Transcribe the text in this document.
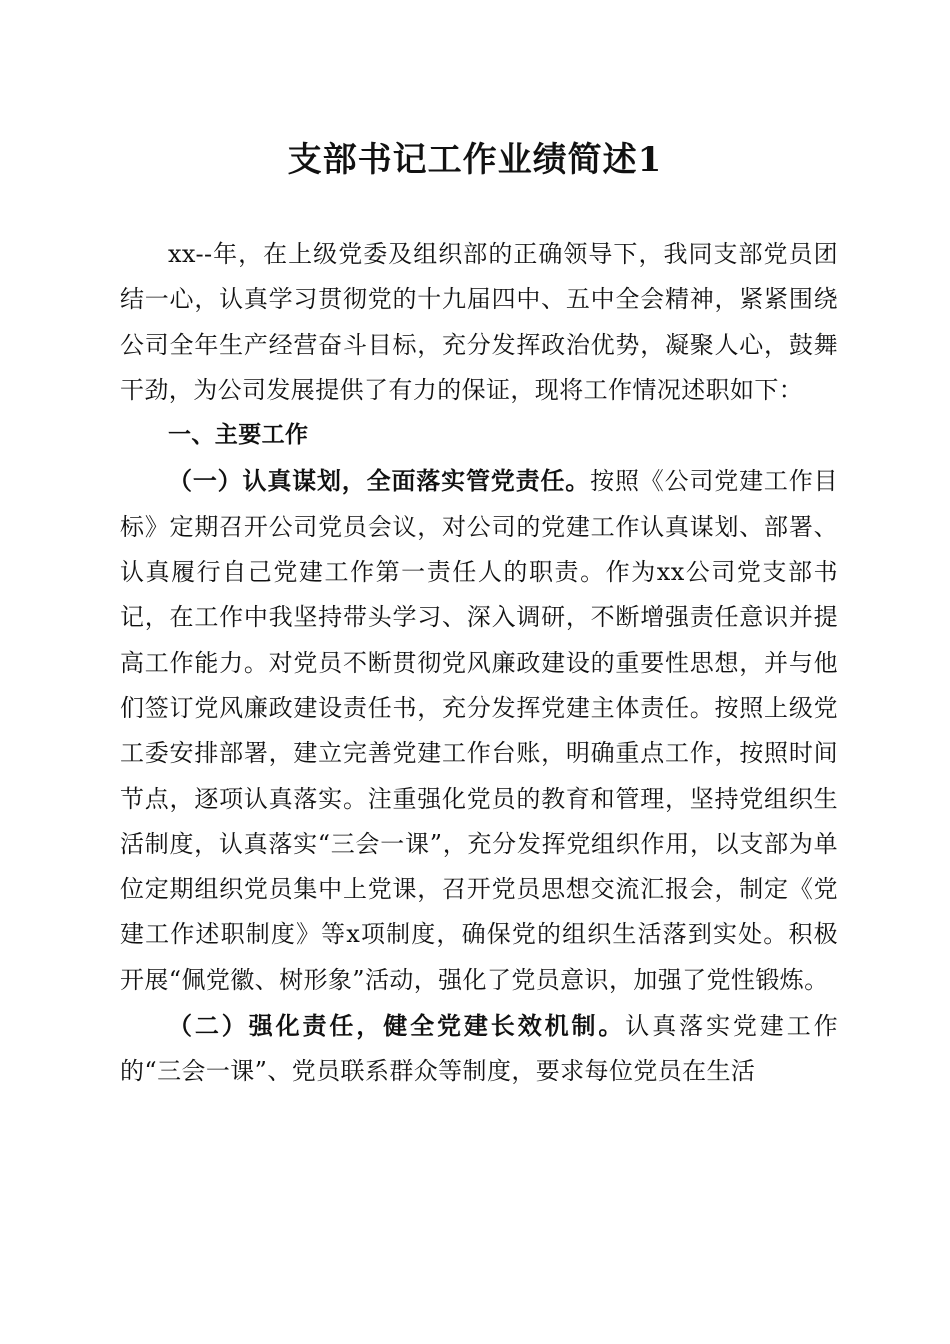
支部书记工作业绩简述1

xx--年，在上级党委及组织部的正确领导下，我同支部党员团结一心，认真学习贯彻党的十九届四中、五中全会精神，紧紧围绕公司全年生产经营奋斗目标，充分发挥政治优势，凝聚人心，鼓舞干劲，为公司发展提供了有力的保证，现将工作情况述职如下：

一、主要工作

（一）认真谋划，全面落实管党责任。按照《公司党建工作目标》定期召开公司党员会议，对公司的党建工作认真谋划、部署、认真履行自己党建工作第一责任人的职责。作为xx公司党支部书记，在工作中我坚持带头学习、深入调研，不断增强责任意识并提高工作能力。对党员不断贯彻党风廉政建设的重要性思想，并与他们签订党风廉政建设责任书，充分发挥党建主体责任。按照上级党工委安排部署，建立完善党建工作台账，明确重点工作，按照时间节点，逐项认真落实。注重强化党员的教育和管理，坚持党组织生活制度，认真落实“三会一课”，充分发挥党组织作用，以支部为单位定期组织党员集中上党课，召开党员思想交流汇报会，制定《党建工作述职制度》等x项制度，确保党的组织生活落到实处。积极开展“佩党徽、树形象”活动，强化了党员意识，加强了党性锻炼。

（二）强化责任，健全党建长效机制。认真落实党建工作的“三会一课”、党员联系群众等制度，要求每位党员在生活
